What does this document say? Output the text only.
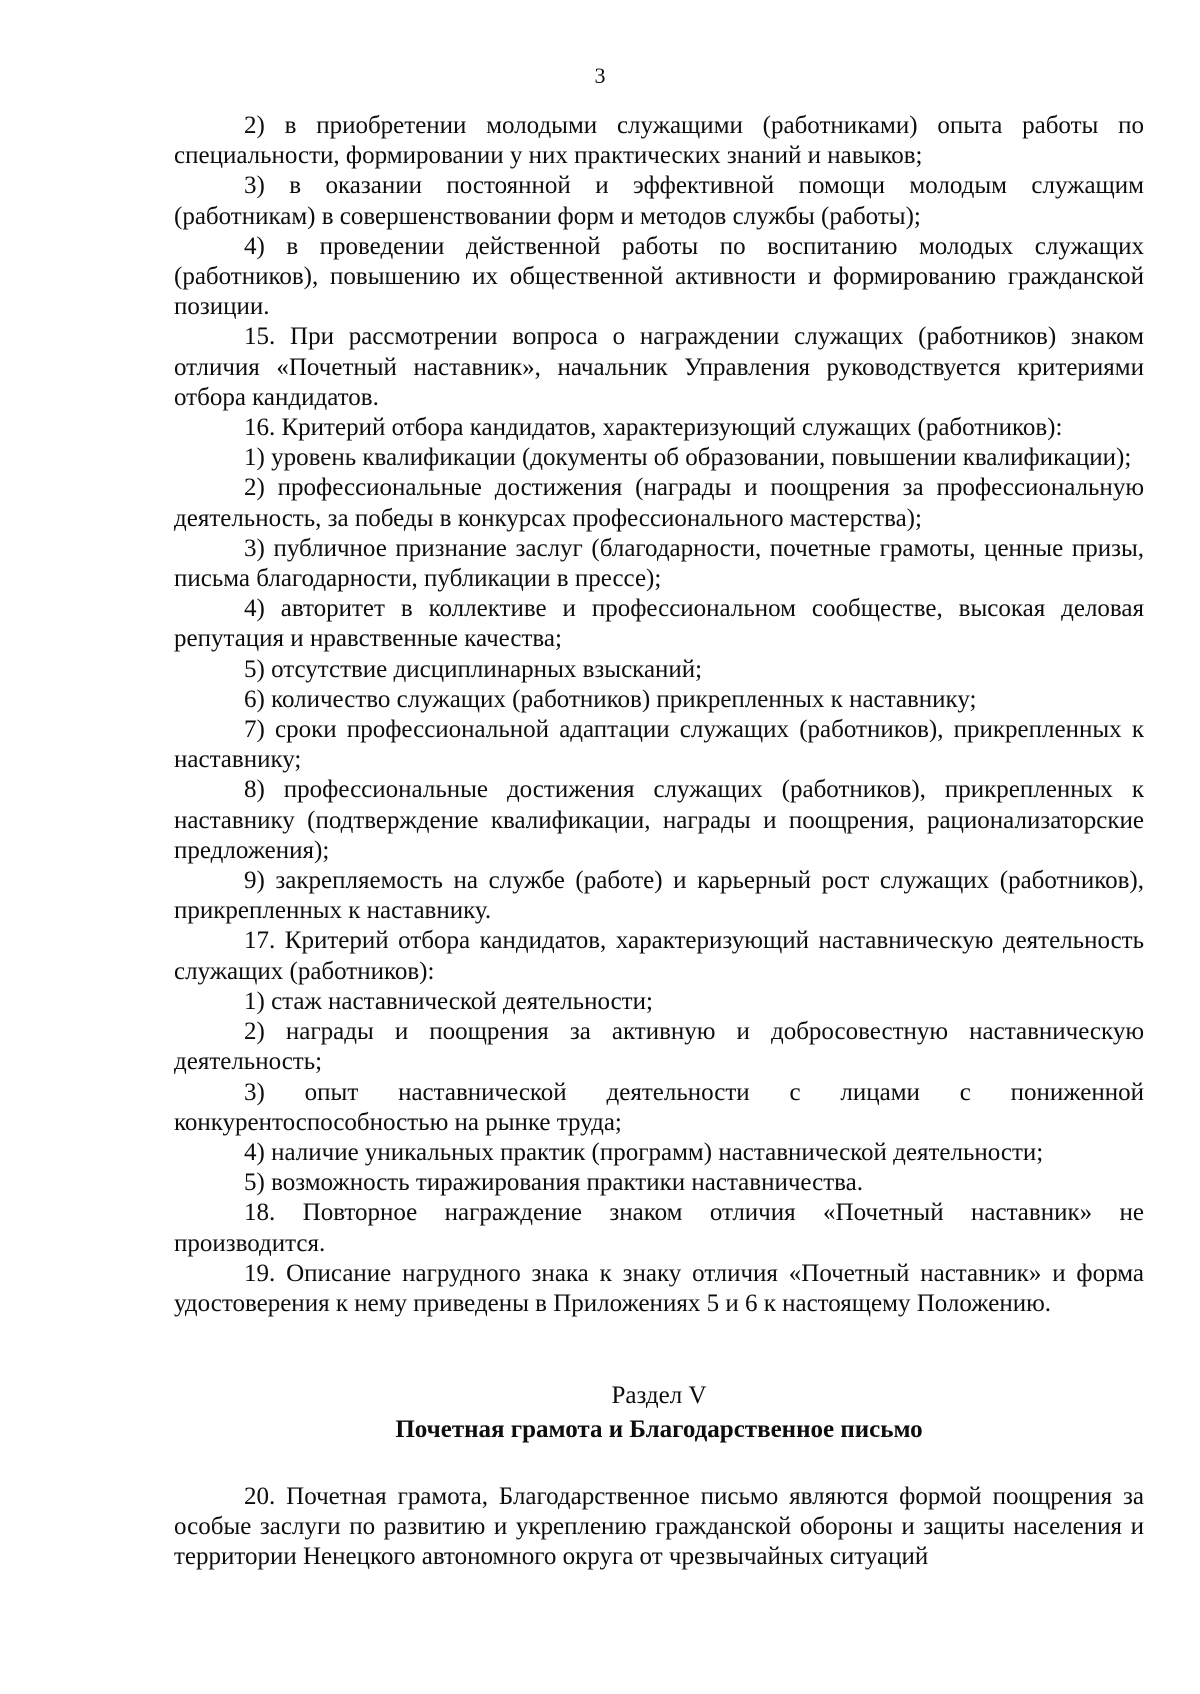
3

2) в приобретении молодыми служащими (работниками) опыта работы по специальности, формировании у них практических знаний и навыков;

3) в оказании постоянной и эффективной помощи молодым служащим (работникам) в совершенствовании форм и методов службы (работы);

4) в проведении действенной работы по воспитанию молодых служащих (работников), повышению их общественной активности и формированию гражданской позиции.

15. При рассмотрении вопроса о награждении служащих (работников) знаком отличия «Почетный наставник», начальник Управления руководствуется критериями отбора кандидатов.

16. Критерий отбора кандидатов, характеризующий служащих (работников):

1) уровень квалификации (документы об образовании, повышении квалификации);

2) профессиональные достижения (награды и поощрения за профессиональную деятельность, за победы в конкурсах профессионального мастерства);

3) публичное признание заслуг (благодарности, почетные грамоты, ценные призы, письма благодарности, публикации в прессе);

4) авторитет в коллективе и профессиональном сообществе, высокая деловая репутация и нравственные качества;

5) отсутствие дисциплинарных взысканий;

6) количество служащих (работников) прикрепленных к наставнику;

7) сроки профессиональной адаптации служащих (работников), прикрепленных к наставнику;

8) профессиональные достижения служащих (работников), прикрепленных к наставнику (подтверждение квалификации, награды и поощрения, рационализаторские предложения);

9) закрепляемость на службе (работе) и карьерный рост служащих (работников), прикрепленных к наставнику.

17. Критерий отбора кандидатов, характеризующий наставническую деятельность служащих (работников):

1) стаж наставнической деятельности;

2) награды и поощрения за активную и добросовестную наставническую деятельность;

3) опыт наставнической деятельности с лицами с пониженной конкурентоспособностью на рынке труда;

4) наличие уникальных практик (программ) наставнической деятельности;

5) возможность тиражирования практики наставничества.

18. Повторное награждение знаком отличия «Почетный наставник» не производится.

19. Описание нагрудного знака к знаку отличия «Почетный наставник» и форма удостоверения к нему приведены в Приложениях 5 и 6 к настоящему Положению.

Раздел V
Почетная грамота и Благодарственное письмо

20. Почетная грамота, Благодарственное письмо являются формой поощрения за особые заслуги по развитию и укреплению гражданской обороны и защиты населения и территории Ненецкого автономного округа от чрезвычайных ситуаций
